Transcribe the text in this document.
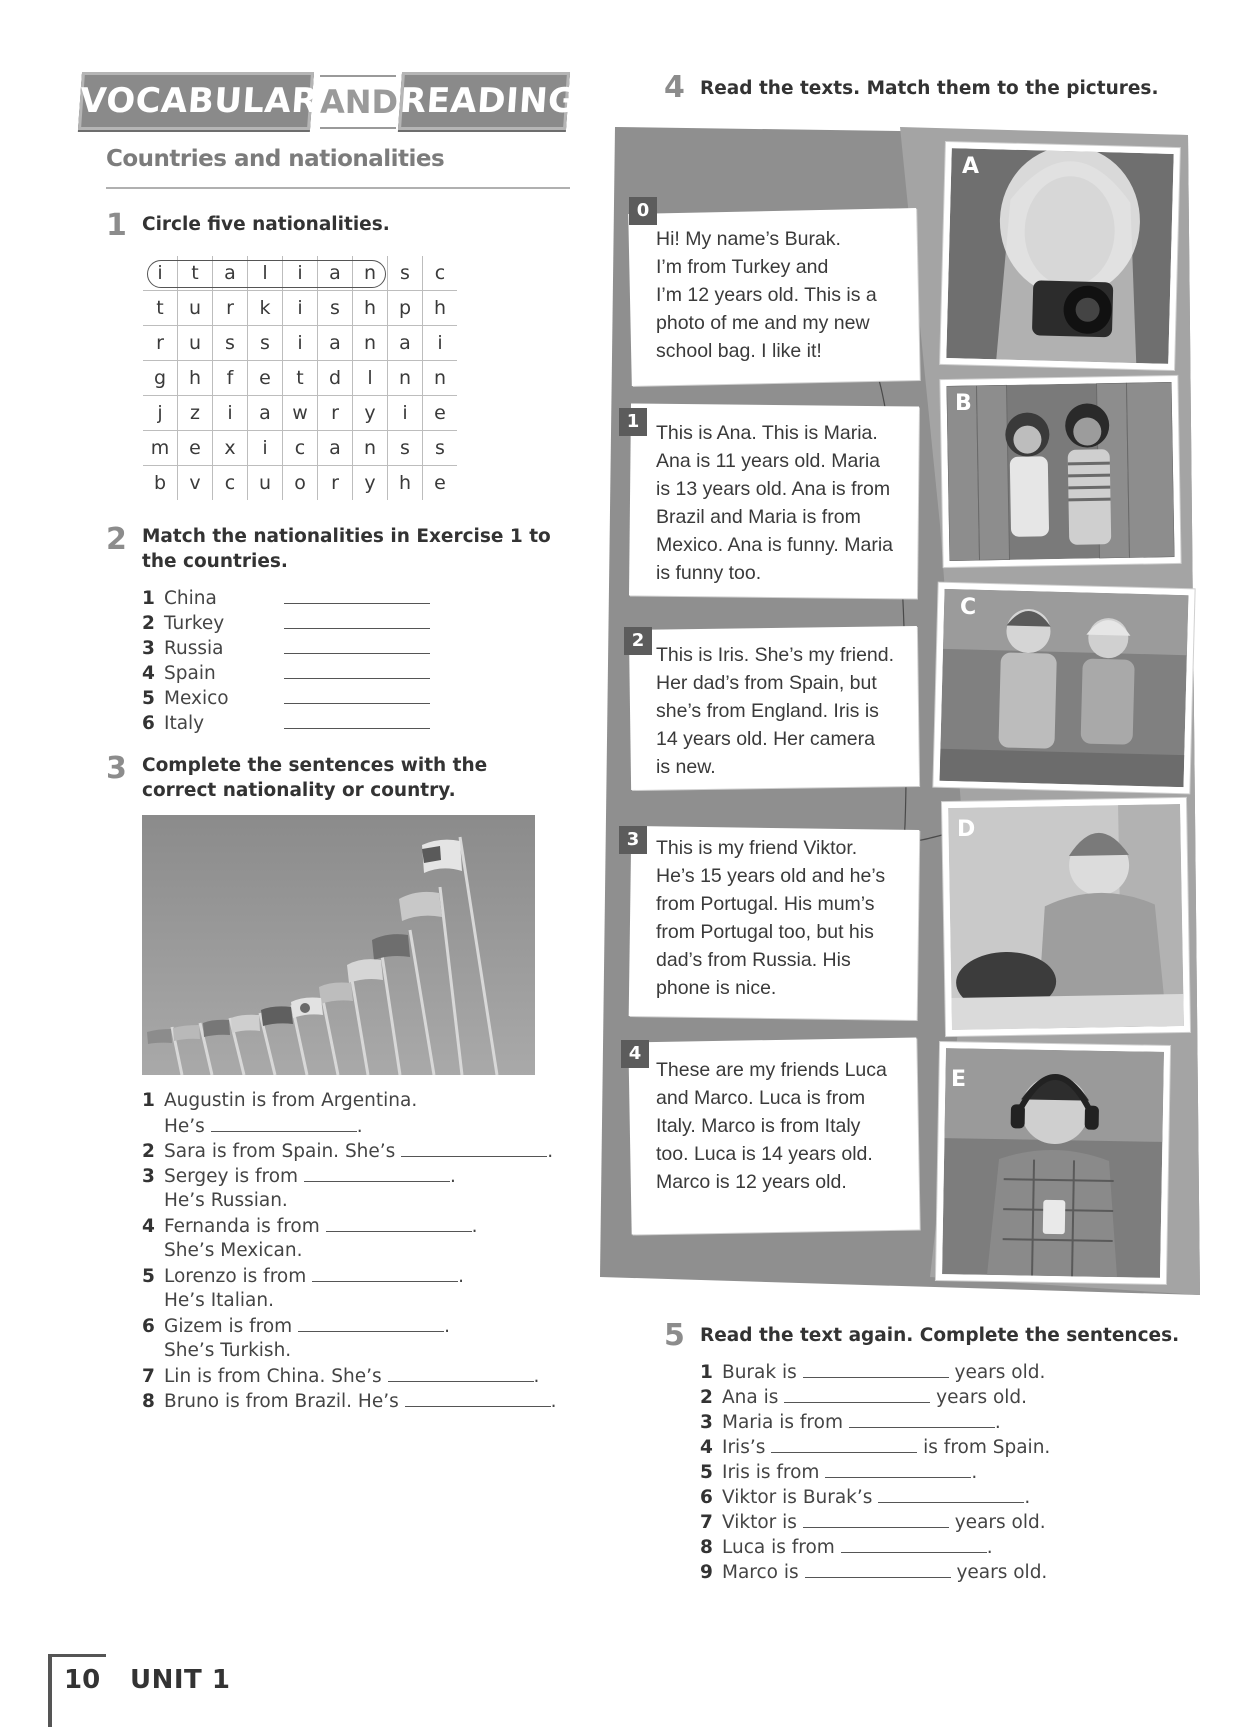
VOCABULARY
AND READING
Countries and nationalities
1 Circle five nationalities.
i	t	a	l	i	a	n	s	c
t	u	r	k	i	s	h	p	h
r	u	s	s	i	a	n	a	i
g	h	f	e	t	d	l	n	n
j	z	i	a	w	r	y	i	e
m	e	x	i	c	a	n	s	s
b	v	c	u	o	r	y	h	e
2 Match the nationalities in Exercise 1 to the countries.
1 China
2 Turkey
3 Russia
4 Spain
5 Mexico
6 Italy
3 Complete the sentences with the correct nationality or country.
1 Augustin is from Argentina.
He’s	.
2 Sara is from Spain. She’s	.
3 Sergey is from	.
He’s Russian.
4 Fernanda is from	.
She’s Mexican.
5 Lorenzo is from	.
He’s Italian.
6 Gizem is from	.
She’s Turkish.
7 Lin is from China. She’s	.
8 Bruno is from Brazil. He’s	.
4 Read the texts. Match them to the pictures.
0
Hi! My name’s Burak.
I’m from Turkey and
I’m 12 years old. This is a
photo of me and my new
school bag. I like it!
1
This is Ana. This is Maria.
Ana is 11 years old. Maria
is 13 years old. Ana is from
Brazil and Maria is from
Mexico. Ana is funny. Maria
is funny too.
2
This is Iris. She’s my friend.
Her dad’s from Spain, but
she’s from England. Iris is
14 years old. Her camera
is new.
3 This is my friend Viktor.
He’s 15 years old and he’s
from Portugal. His mum’s
from Portugal too, but his
dad’s from Russia. His
phone is nice.
4
These are my friends Luca
and Marco. Luca is from
Italy. Marco is from Italy
too. Luca is 14 years old.
Marco is 12 years old.
A
B
C
D
E
5 Read the text again. Complete the sentences.
1 Burak is	years old.
2 Ana is	years old.
3 Maria is from	.
4 Iris’s	is from Spain.
5 Iris is from	.
6 Viktor is Burak’s	.
7 Viktor is	years old.
8 Luca is from	.
9 Marco is	years old.
10 UNIT 1
